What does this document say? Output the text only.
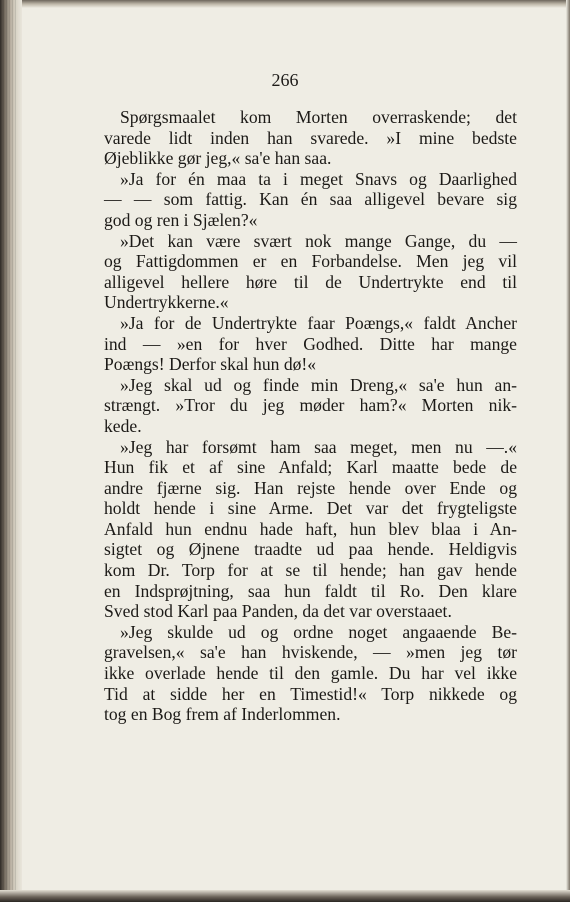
266

Spørgsmaalet kom Morten overraskende; det
varede lidt inden han svarede. »I mine bedste
Øjeblikke gør jeg,« sa'e han saa.

»Ja for én maa ta i meget Snavs og Daarlighed
— — som fattig. Kan én saa alligevel bevare sig
god og ren i Sjælen?«

»Det kan være svært nok mange Gange, du —
og Fattigdommen er en Forbandelse. Men jeg vil
alligevel hellere høre til de Undertrykte end til
Undertrykkerne.«

»Ja for de Undertrykte faar Poængs,« faldt Ancher
ind — »en for hver Godhed. Ditte har mange
Poængs! Derfor skal hun dø!«

»Jeg skal ud og finde min Dreng,« sa'e hun an-
strængt. »Tror du jeg møder ham?« Morten nik-
kede.

»Jeg har forsømt ham saa meget, men nu —.«
Hun fik et af sine Anfald; Karl maatte bede de
andre fjærne sig. Han rejste hende over Ende og
holdt hende i sine Arme. Det var det frygteligste
Anfald hun endnu hade haft, hun blev blaa i An-
sigtet og Øjnene traadte ud paa hende. Heldigvis
kom Dr. Torp for at se til hende; han gav hende
en Indsprøjtning, saa hun faldt til Ro. Den klare
Sved stod Karl paa Panden, da det var overstaaet.

»Jeg skulde ud og ordne noget angaaende Be-
gravelsen,« sa'e han hviskende, — »men jeg tør
ikke overlade hende til den gamle. Du har vel ikke
Tid at sidde her en Timestid!« Torp nikkede og
tog en Bog frem af Inderlommen.
